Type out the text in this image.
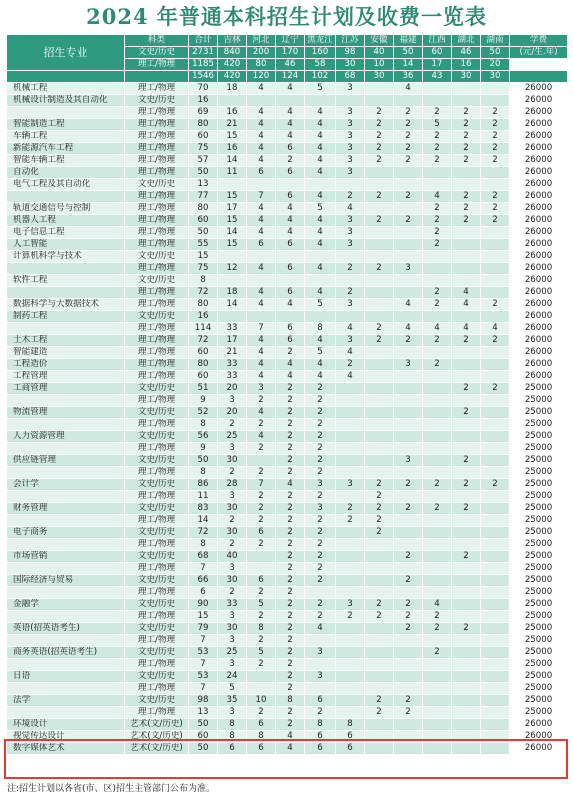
2024 年普通本科招生计划及收费一览表
招生专业	科类	合计	吉林	河北	辽宁	黑龙江	江苏	安徽	福建	江西	湖北	湖南	学费
	文史/历史	2731	840	200	170	160	98	40	50	60	46	50	(元/生.年)
	理工/物理	1185	420	80	46	58	30	10	14	17	16	20	
		1546	420	120	124	102	68	30	36	43	30	30	
机械工程	理工/物理	70	18	4	4	5	3		4				26000
机械设计制造及其自动化	文史/历史	16											26000
	理工/物理	69	16	4	4	4	3	2	2	2	2	2	26000
智能制造工程	理工/物理	80	21	4	4	4	3	2	2	5	2	2	26000
车辆工程	理工/物理	60	15	4	4	4	3	2	2	2	2	2	26000
新能源汽车工程	理工/物理	75	16	4	6	4	3	2	2	2	2	2	26000
智能车辆工程	理工/物理	57	14	4	2	4	3	2	2	2	2	2	26000
自动化	理工/物理	50	11	6	6	4	3						26000
电气工程及其自动化	文史/历史	13											26000
	理工/物理	77	15	7	6	4	2	2	2	4	2	2	26000
轨道交通信号与控制	理工/物理	80	17	4	4	5	4			2	2	2	26000
机器人工程	理工/物理	60	15	4	4	4	3	2	2	2	2	2	26000
电子信息工程	理工/物理	50	14	4	4	4	3			2			26000
人工智能	理工/物理	55	15	6	6	4	3			2			26000
计算机科学与技术	文史/历史	15											26000
	理工/物理	75	12	4	6	4	2	2	3				26000
软件工程	文史/历史	8											26000
	理工/物理	72	18	4	6	4	2			2	4		26000
数据科学与大数据技术	理工/物理	80	14	4	4	5	3		4	2	4	2	26000
制药工程	文史/历史	16											26000
	理工/物理	114	33	7	6	8	4	2	4	4	4	4	26000
土木工程	理工/物理	72	17	4	6	4	3	2	2	2	2	2	26000
智能建造	理工/物理	60	21	4	2	5	4						26000
工程造价	理工/物理	80	33	4	4	4	2		3	2			26000
工程管理	理工/物理	60	33	4	4	4	4						26000
工商管理	文史/历史	51	20	3	2	2					2	2	25000
	理工/物理	9	3	2	2	2							25000
物流管理	文史/历史	52	20	4	2	2					2		25000
	理工/物理	8	2	2	2	2							25000
人力资源管理	文史/历史	56	25	4	2	2							25000
	理工/物理	9	3	2	2	2							25000
供应链管理	文史/历史	50	30		2	2			3		2		25000
	理工/物理	8	2	2	2	2							25000
会计学	文史/历史	86	28	7	4	3	3	2	2	2	2	2	25000
	理工/物理	11	3	2	2	2		2					25000
财务管理	文史/历史	83	30	2	2	3	2	2	2	2	2		25000
	理工/物理	14	2	2	2	2	2	2					25000
电子商务	文史/历史	72	30	6	2	2		2					25000
	理工/物理	8	2	2	2	2							25000
市场营销	文史/历史	68	40		2	2			2		2		25000
	理工/物理	7	3		2	2							25000
国际经济与贸易	文史/历史	66	30	6	2	2			2				25000
	理工/物理	6	2	2	2								25000
金融学	文史/历史	90	33	5	2	2	3	2	2	4			25000
	理工/物理	15	3	2	2	2	2	2	2	2			25000
英语(招英语考生)	文史/历史	79	30	8	2	4			2	2	2		25000
	理工/物理	7	3	2	2								25000
商务英语(招英语考生)	文史/历史	53	25	5	2	3				2			25000
	理工/物理	7	3	2	2								25000
日语	文史/历史	53	24		2	3							25000
	理工/物理	7	5		2								25000
法学	文史/历史	98	35	10	8	6		2	2				25000
	理工/物理	13	3	2	2	2		2	2				25000
环境设计	艺术(文/历史)	50	8	6	2	8	8						26000
视觉传达设计	艺术(文/历史)	60	8	8	4	6	6						26000
数字媒体艺术	艺术(文/历史)	50	6	6	4	6	6						26000
注:招生计划以各省(市、区)招生主管部门公布为准。
